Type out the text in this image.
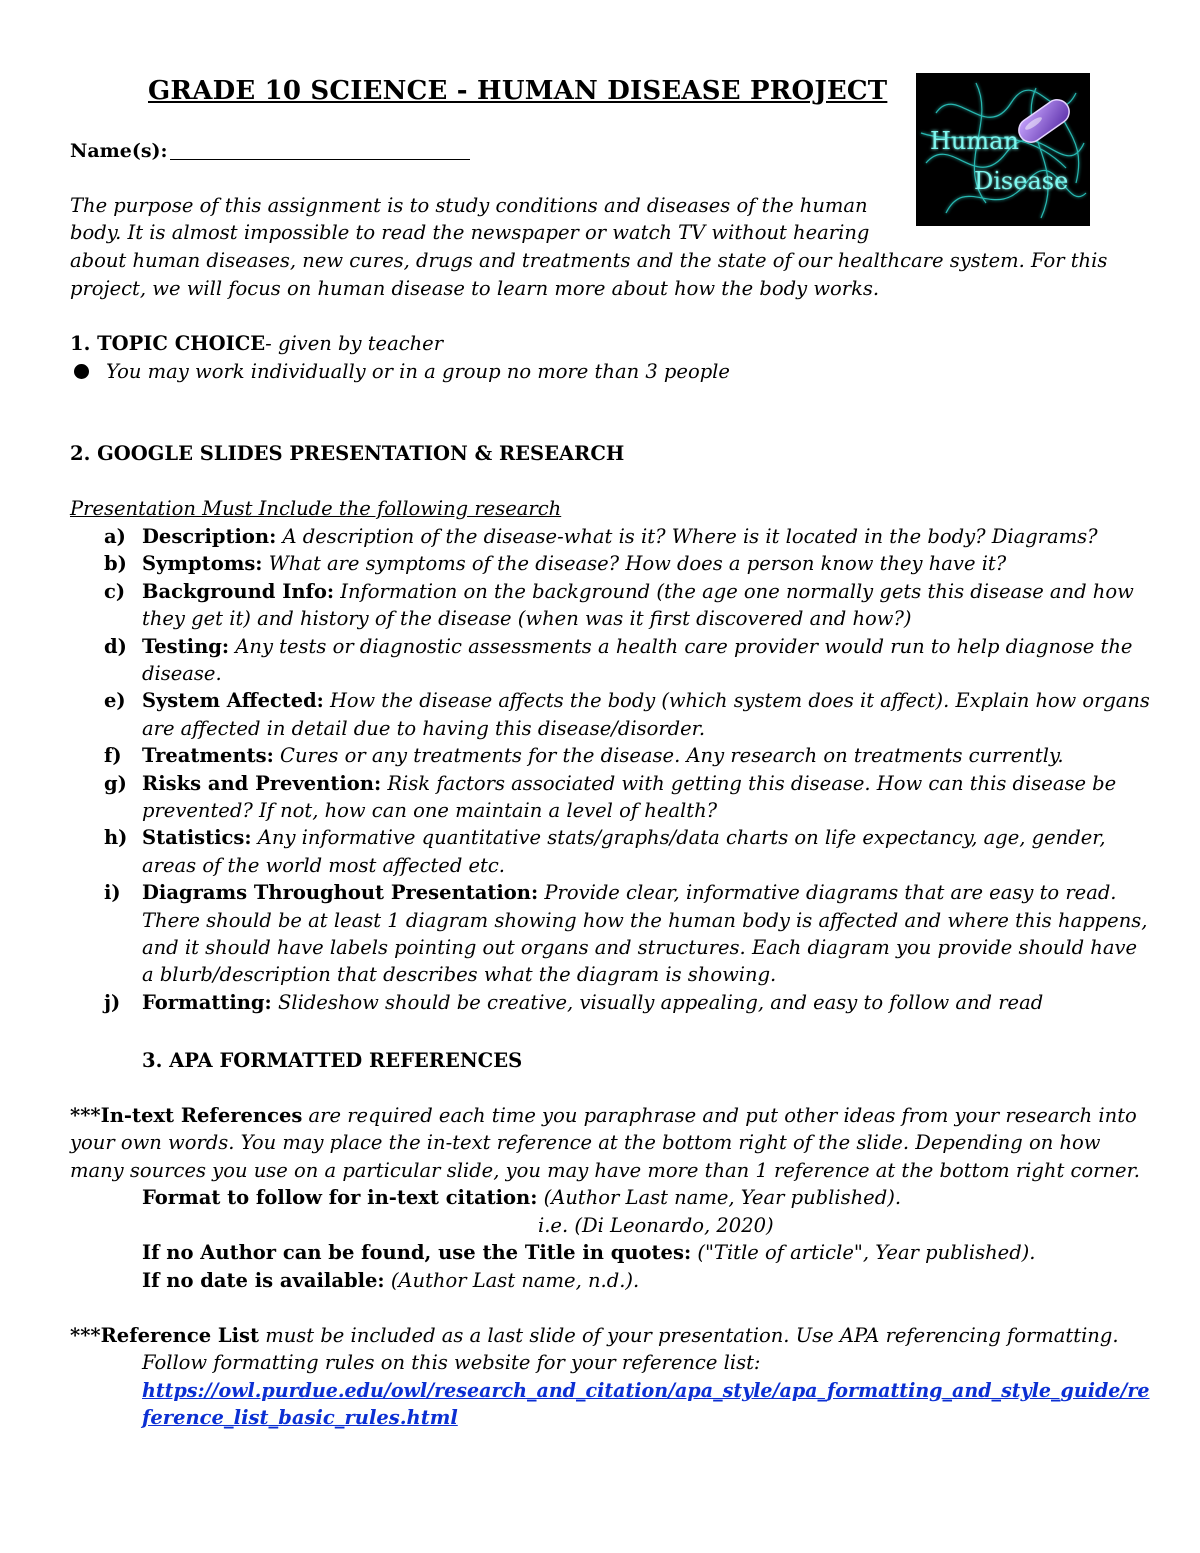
GRADE 10 SCIENCE - HUMAN DISEASE PROJECT
Human
Disease
Name(s):
The purpose of this assignment is to study conditions and diseases of the human
body. It is almost impossible to read the newspaper or watch TV without hearing
about human diseases, new cures, drugs and treatments and the state of our healthcare system. For this
project, we will focus on human disease to learn more about how the body works.
1. TOPIC CHOICE- given by teacher
You may work individually or in a group no more than 3 people
2. GOOGLE SLIDES PRESENTATION & RESEARCH
Presentation Must Include the following research
a) Description: A description of the disease-what is it? Where is it located in the body? Diagrams?
b) Symptoms: What are symptoms of the disease? How does a person know they have it?
c) Background Info: Information on the background (the age one normally gets this disease and how
they get it) and history of the disease (when was it first discovered and how?)
d) Testing: Any tests or diagnostic assessments a health care provider would run to help diagnose the
disease.
e) System Affected: How the disease affects the body (which system does it affect). Explain how organs
are affected in detail due to having this disease/disorder.
f) Treatments: Cures or any treatments for the disease. Any research on treatments currently.
g) Risks and Prevention: Risk factors associated with getting this disease. How can this disease be
prevented? If not, how can one maintain a level of health?
h) Statistics: Any informative quantitative stats/graphs/data charts on life expectancy, age, gender,
areas of the world most affected etc.
i) Diagrams Throughout Presentation: Provide clear, informative diagrams that are easy to read.
There should be at least 1 diagram showing how the human body is affected and where this happens,
and it should have labels pointing out organs and structures. Each diagram you provide should have
a blurb/description that describes what the diagram is showing.
j) Formatting: Slideshow should be creative, visually appealing, and easy to follow and read
3. APA FORMATTED REFERENCES
***In-text References are required each time you paraphrase and put other ideas from your research into
your own words. You may place the in-text reference at the bottom right of the slide. Depending on how
many sources you use on a particular slide, you may have more than 1 reference at the bottom right corner.
Format to follow for in-text citation: (Author Last name, Year published).
i.e. (Di Leonardo, 2020)
If no Author can be found, use the Title in quotes: ("Title of article", Year published).
If no date is available: (Author Last name, n.d.).
***Reference List must be included as a last slide of your presentation. Use APA referencing formatting.
Follow formatting rules on this website for your reference list:
https://owl.purdue.edu/owl/research_and_citation/apa_style/apa_formatting_and_style_guide/re
ference_list_basic_rules.html
